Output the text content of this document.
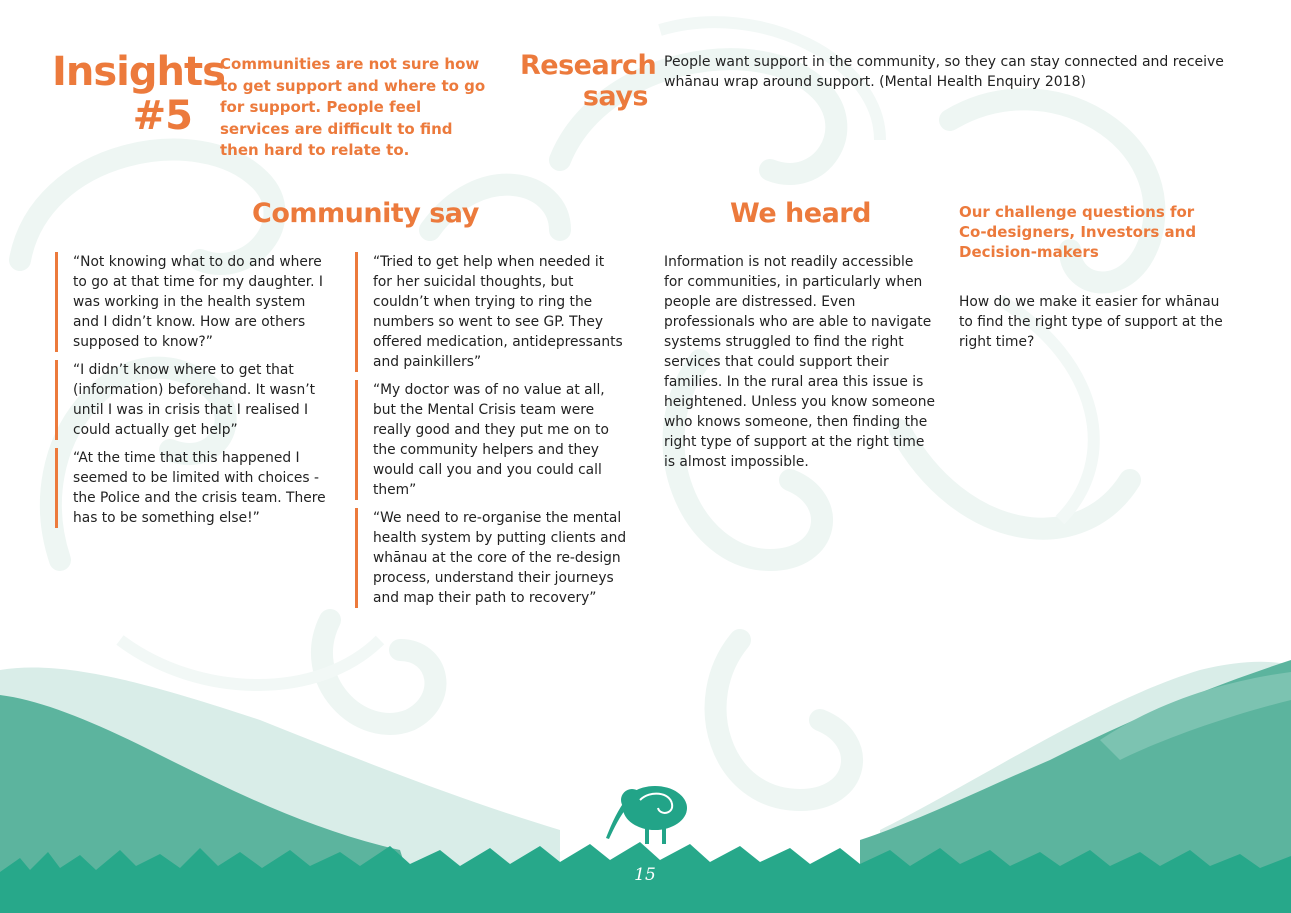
Insights
#5
Communities are not sure how to get support and where to go for support. People feel services are difficult to find then hard to relate to.
Research
says
People want support in the community, so they can stay connected and receive whānau wrap around support. (Mental Health Enquiry 2018)
Community say	We heard	Our challenge questions for Co-designers, Investors and Decision-makers
“Not knowing what to do and where to go at that time for my daughter. I was working in the health system and I didn’t know. How are others supposed to know?”
“I didn’t know where to get that (information) beforehand. It wasn’t until I was in crisis that I realised I could actually get help”
“At the time that this happened I seemed to be limited with choices - the Police and the crisis team. There has to be something else!”
“Tried to get help when needed it for her suicidal thoughts, but couldn’t when trying to ring the numbers so went to see GP. They offered medication, antidepressants and painkillers”
“My doctor was of no value at all, but the Mental Crisis team were really good and they put me on to the community helpers and they would call you and you could call them”
“We need to re-organise the mental health system by putting clients and whānau at the core of the re-design process, understand their journeys and map their path to recovery”
Information is not readily accessible for communities, in particularly when people are distressed. Even professionals who are able to navigate systems struggled to find the right services that could support their families. In the rural area this issue is heightened. Unless you know someone who knows someone, then finding the right type of support at the right time is almost impossible.
How do we make it easier for whānau to find the right type of support at the right time?
15
